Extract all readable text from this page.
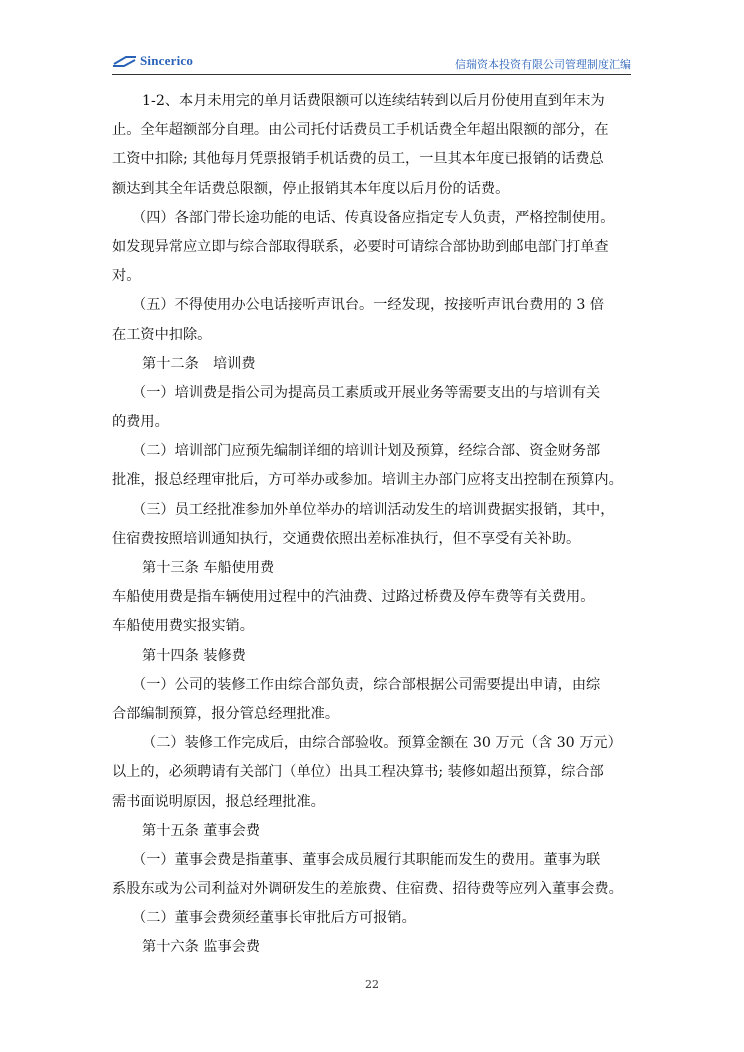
Sincerico	信瑞资本投资有限公司管理制度汇编
1-2、本月未用完的单月话费限额可以连续结转到以后月份使用直到年末为
止。全年超额部分自理。由公司托付话费员工手机话费全年超出限额的部分，在
工资中扣除; 其他每月凭票报销手机话费的员工，一旦其本年度已报销的话费总
额达到其全年话费总限额，停止报销其本年度以后月份的话费。
（四）各部门带长途功能的电话、传真设备应指定专人负责，严格控制使用。
如发现异常应立即与综合部取得联系，必要时可请综合部协助到邮电部门打单查
对。
（五）不得使用办公电话接听声讯台。一经发现，按接听声讯台费用的 3 倍
在工资中扣除。
第十二条　培训费
（一）培训费是指公司为提高员工素质或开展业务等需要支出的与培训有关
的费用。
（二）培训部门应预先编制详细的培训计划及预算，经综合部、资金财务部
批准，报总经理审批后，方可举办或参加。培训主办部门应将支出控制在预算内。
（三）员工经批准参加外单位举办的培训活动发生的培训费据实报销，其中，
住宿费按照培训通知执行，交通费依照出差标准执行，但不享受有关补助。
第十三条 车船使用费
车船使用费是指车辆使用过程中的汽油费、过路过桥费及停车费等有关费用。
车船使用费实报实销。
第十四条 装修费
（一）公司的装修工作由综合部负责，综合部根据公司需要提出申请，由综
合部编制预算，报分管总经理批准。
（二）装修工作完成后，由综合部验收。预算金额在 30 万元（含 30 万元）
以上的，必须聘请有关部门（单位）出具工程决算书; 装修如超出预算，综合部
需书面说明原因，报总经理批准。
第十五条 董事会费
（一）董事会费是指董事、董事会成员履行其职能而发生的费用。董事为联
系股东或为公司利益对外调研发生的差旅费、住宿费、招待费等应列入董事会费。
（二）董事会费须经董事长审批后方可报销。
第十六条 监事会费
22
